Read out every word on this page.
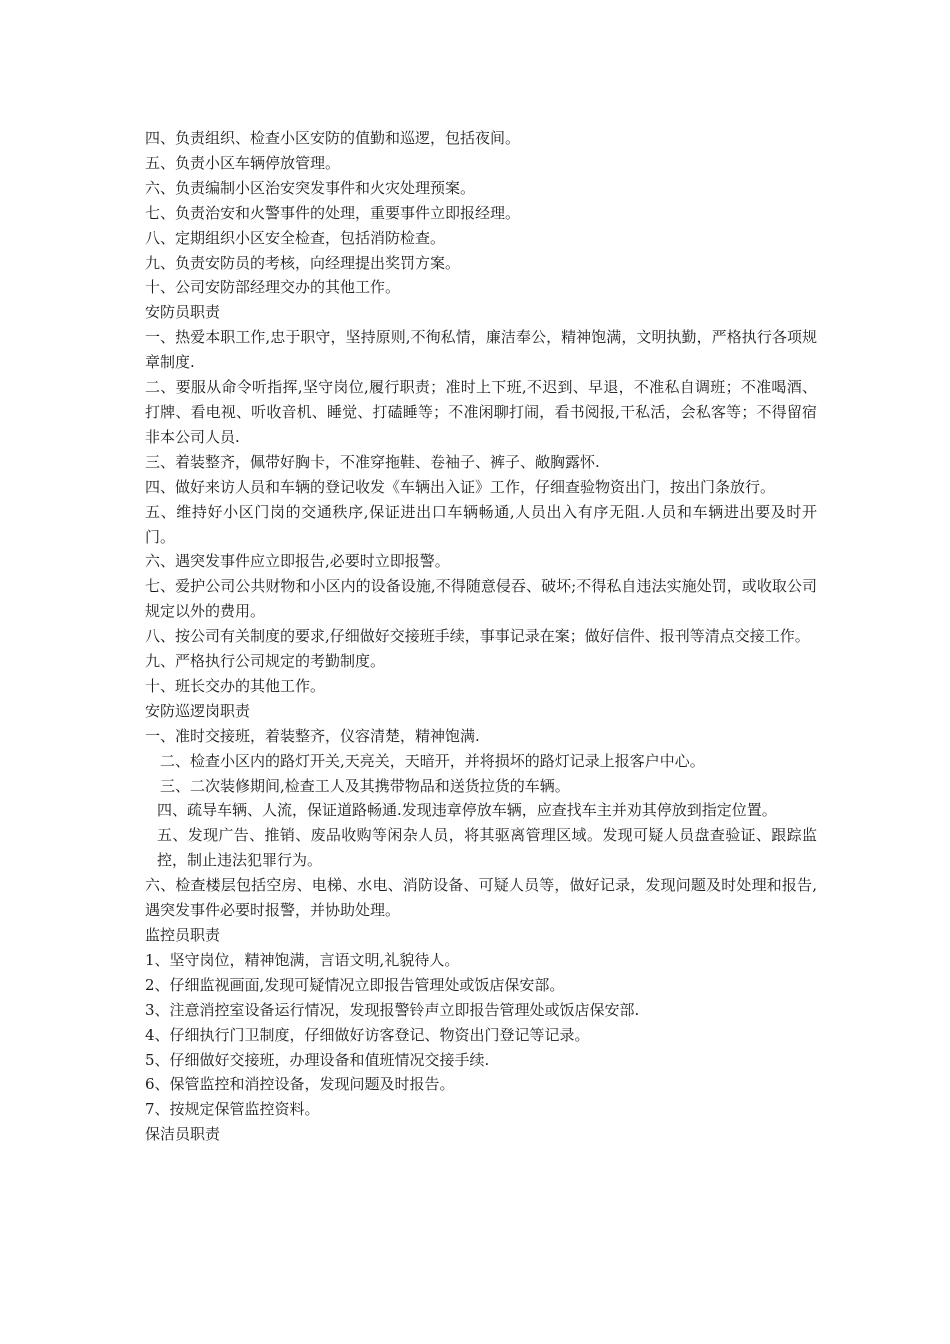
四、负责组织、检查小区安防的值勤和巡逻，包括夜间。

五、负责小区车辆停放管理。

六、负责编制小区治安突发事件和火灾处理预案。

七、负责治安和火警事件的处理，重要事件立即报经理。

八、定期组织小区安全检查，包括消防检查。

九、负责安防员的考核，向经理提出奖罚方案。

十、公司安防部经理交办的其他工作。

安防员职责

一、热爱本职工作,忠于职守，坚持原则,不徇私情，廉洁奉公，精神饱满，文明执勤，严格执行各项规章制度.

二、要服从命令听指挥,坚守岗位,履行职责；准时上下班,不迟到、早退，不准私自调班；不准喝酒、打牌、看电视、听收音机、睡觉、打磕睡等；不准闲聊打闹，看书阅报,干私活，会私客等；不得留宿非本公司人员.

三、着装整齐，佩带好胸卡，不准穿拖鞋、卷袖子、裤子、敞胸露怀.

四、做好来访人员和车辆的登记收发《车辆出入证》工作，仔细查验物资出门，按出门条放行。

五、维持好小区门岗的交通秩序,保证进出口车辆畅通,人员出入有序无阻.人员和车辆进出要及时开门。

六、遇突发事件应立即报告,必要时立即报警。

七、爱护公司公共财物和小区内的设备设施,不得随意侵吞、破坏;不得私自违法实施处罚，或收取公司规定以外的费用。

八、按公司有关制度的要求,仔细做好交接班手续，事事记录在案；做好信件、报刊等清点交接工作。

九、严格执行公司规定的考勤制度。

十、班长交办的其他工作。

安防巡逻岗职责

一、准时交接班，着装整齐，仪容清楚，精神饱满.

二、检查小区内的路灯开关,天亮关，天暗开，并将损坏的路灯记录上报客户中心。

三、二次装修期间,检查工人及其携带物品和送货拉货的车辆。

四、疏导车辆、人流，保证道路畅通.发现违章停放车辆，应查找车主并劝其停放到指定位置。

五、发现广告、推销、废品收购等闲杂人员，将其驱离管理区域。发现可疑人员盘查验证、跟踪监控，制止违法犯罪行为。

六、检查楼层包括空房、电梯、水电、消防设备、可疑人员等，做好记录，发现问题及时处理和报告,遇突发事件必要时报警，并协助处理。

监控员职责

1、坚守岗位，精神饱满，言语文明,礼貌待人。

2、仔细监视画面,发现可疑情况立即报告管理处或饭店保安部。

3、注意消控室设备运行情况，发现报警铃声立即报告管理处或饭店保安部.

4、仔细执行门卫制度，仔细做好访客登记、物资出门登记等记录。

5、仔细做好交接班，办理设备和值班情况交接手续.

6、保管监控和消控设备，发现问题及时报告。

7、按规定保管监控资料。

保洁员职责
